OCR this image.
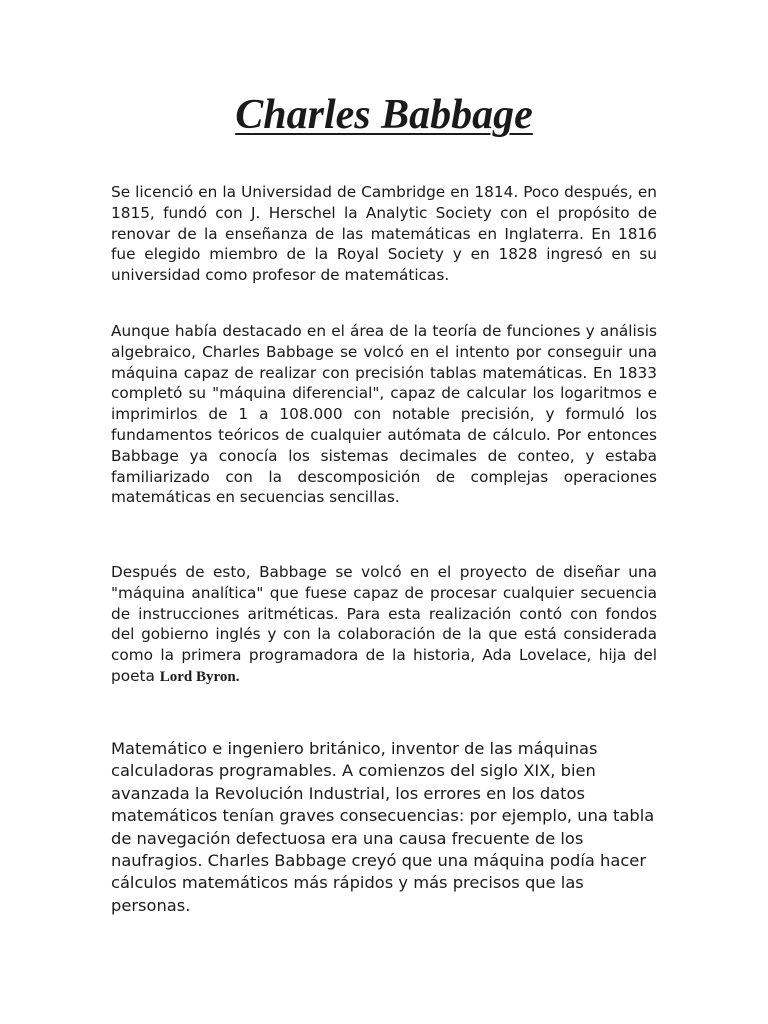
Charles Babbage

Se licenció en la Universidad de Cambridge en 1814. Poco después, en 1815, fundó con J. Herschel la Analytic Society con el propósito de renovar de la enseñanza de las matemáticas en Inglaterra. En 1816 fue elegido miembro de la Royal Society y en 1828 ingresó en su universidad como profesor de matemáticas.

Aunque había destacado en el área de la teoría de funciones y análisis algebraico, Charles Babbage se volcó en el intento por conseguir una máquina capaz de realizar con precisión tablas matemáticas. En 1833 completó su "máquina diferencial", capaz de calcular los logaritmos e imprimirlos de 1 a 108.000 con notable precisión, y formuló los fundamentos teóricos de cualquier autómata de cálculo. Por entonces Babbage ya conocía los sistemas decimales de conteo, y estaba familiarizado con la descomposición de complejas operaciones matemáticas en secuencias sencillas.

Después de esto, Babbage se volcó en el proyecto de diseñar una "máquina analítica" que fuese capaz de procesar cualquier secuencia de instrucciones aritméticas. Para esta realización contó con fondos del gobierno inglés y con la colaboración de la que está considerada como la primera programadora de la historia, Ada Lovelace, hija del poeta Lord Byron.

Matemático e ingeniero británico, inventor de las máquinas calculadoras programables. A comienzos del siglo XIX, bien avanzada la Revolución Industrial, los errores en los datos matemáticos tenían graves consecuencias: por ejemplo, una tabla de navegación defectuosa era una causa frecuente de los naufragios. Charles Babbage creyó que una máquina podía hacer cálculos matemáticos más rápidos y más precisos que las personas.
